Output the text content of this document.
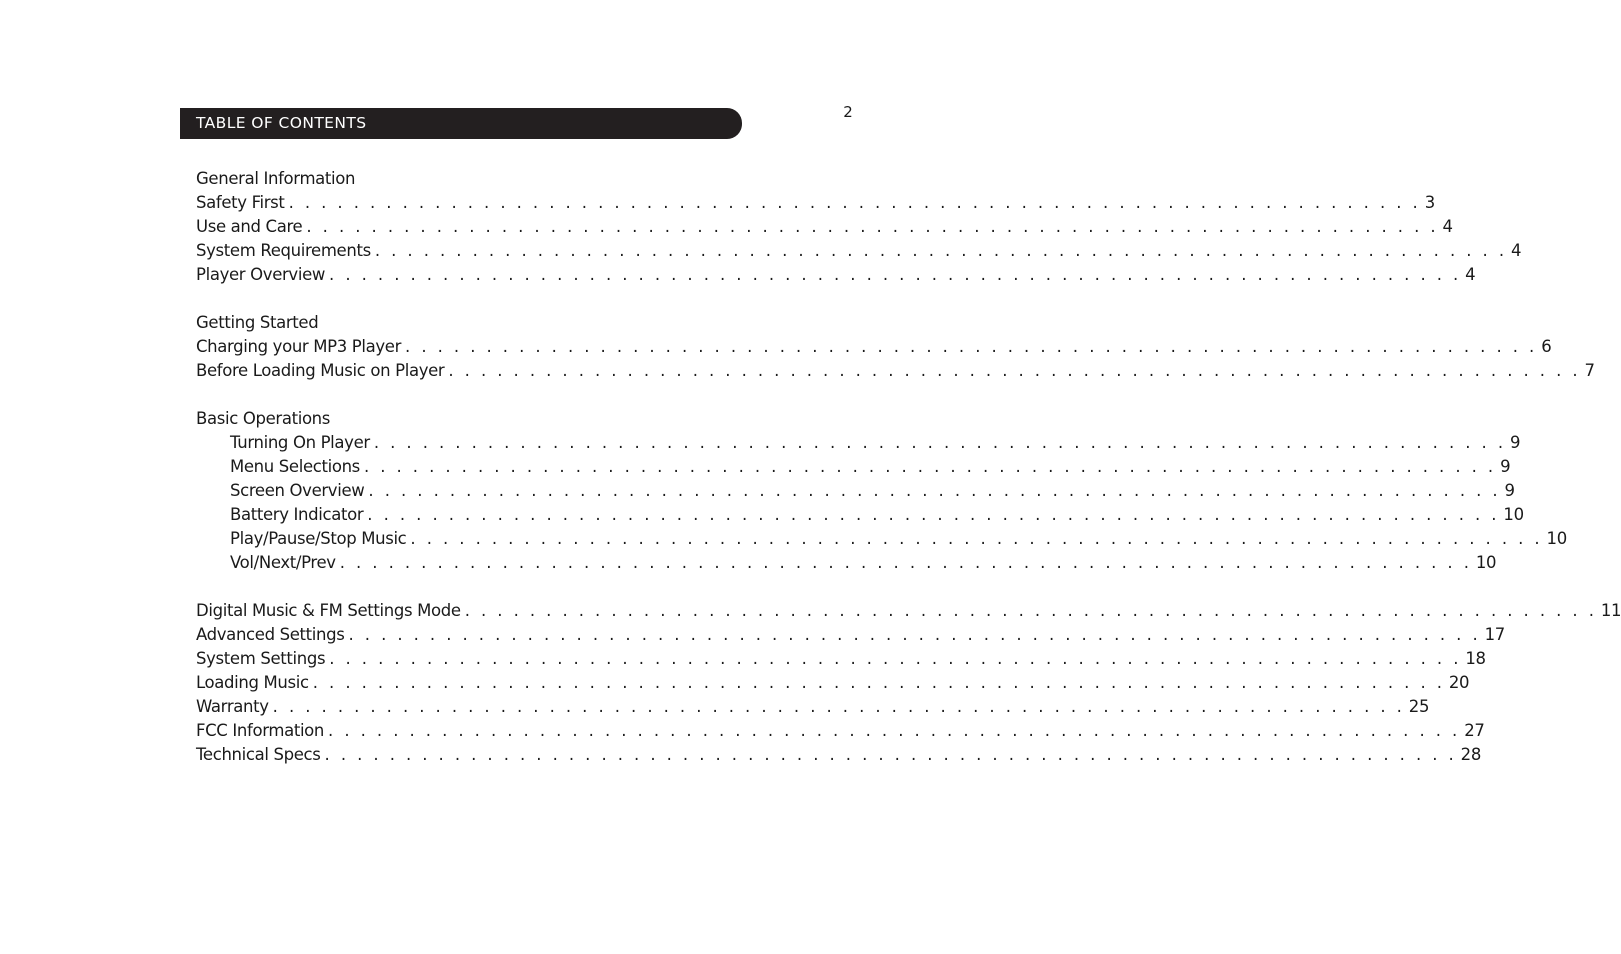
2
TABLE OF CONTENTS
General Information
Safety First . . . . . . . . . . . . . . . . . . . . . . . . . . . . . . . . . . . . . . . . . . . . . . . . . . . . . . . . . . . . . . . . . . . . . . 3
Use and Care . . . . . . . . . . . . . . . . . . . . . . . . . . . . . . . . . . . . . . . . . . . . . . . . . . . . . . . . . . . . . . . . . . . . . . 4
System Requirements . . . . . . . . . . . . . . . . . . . . . . . . . . . . . . . . . . . . . . . . . . . . . . . . . . . . . . . . . . . . . . . . . . . . . . 4
Player Overview . . . . . . . . . . . . . . . . . . . . . . . . . . . . . . . . . . . . . . . . . . . . . . . . . . . . . . . . . . . . . . . . . . . . . . 4
Getting Started
Charging your MP3 Player . . . . . . . . . . . . . . . . . . . . . . . . . . . . . . . . . . . . . . . . . . . . . . . . . . . . . . . . . . . . . . . . . . . . . . 6
Before Loading Music on Player . . . . . . . . . . . . . . . . . . . . . . . . . . . . . . . . . . . . . . . . . . . . . . . . . . . . . . . . . . . . . . . . . . . . . . 7
Basic Operations
Turning On Player . . . . . . . . . . . . . . . . . . . . . . . . . . . . . . . . . . . . . . . . . . . . . . . . . . . . . . . . . . . . . . . . . . . . . . 9
Menu Selections . . . . . . . . . . . . . . . . . . . . . . . . . . . . . . . . . . . . . . . . . . . . . . . . . . . . . . . . . . . . . . . . . . . . . . 9
Screen Overview . . . . . . . . . . . . . . . . . . . . . . . . . . . . . . . . . . . . . . . . . . . . . . . . . . . . . . . . . . . . . . . . . . . . . . 9
Battery Indicator . . . . . . . . . . . . . . . . . . . . . . . . . . . . . . . . . . . . . . . . . . . . . . . . . . . . . . . . . . . . . . . . . . . . . . 10
Play/Pause/Stop Music . . . . . . . . . . . . . . . . . . . . . . . . . . . . . . . . . . . . . . . . . . . . . . . . . . . . . . . . . . . . . . . . . . . . . . 10
Vol/Next/Prev . . . . . . . . . . . . . . . . . . . . . . . . . . . . . . . . . . . . . . . . . . . . . . . . . . . . . . . . . . . . . . . . . . . . . . 10
Digital Music & FM Settings Mode . . . . . . . . . . . . . . . . . . . . . . . . . . . . . . . . . . . . . . . . . . . . . . . . . . . . . . . . . . . . . . . . . . . . . . 11
Advanced Settings . . . . . . . . . . . . . . . . . . . . . . . . . . . . . . . . . . . . . . . . . . . . . . . . . . . . . . . . . . . . . . . . . . . . . . 17
System Settings . . . . . . . . . . . . . . . . . . . . . . . . . . . . . . . . . . . . . . . . . . . . . . . . . . . . . . . . . . . . . . . . . . . . . . 18
Loading Music . . . . . . . . . . . . . . . . . . . . . . . . . . . . . . . . . . . . . . . . . . . . . . . . . . . . . . . . . . . . . . . . . . . . . . 20
Warranty . . . . . . . . . . . . . . . . . . . . . . . . . . . . . . . . . . . . . . . . . . . . . . . . . . . . . . . . . . . . . . . . . . . . . . 25
FCC Information . . . . . . . . . . . . . . . . . . . . . . . . . . . . . . . . . . . . . . . . . . . . . . . . . . . . . . . . . . . . . . . . . . . . . . 27
Technical Specs . . . . . . . . . . . . . . . . . . . . . . . . . . . . . . . . . . . . . . . . . . . . . . . . . . . . . . . . . . . . . . . . . . . . . . 28
